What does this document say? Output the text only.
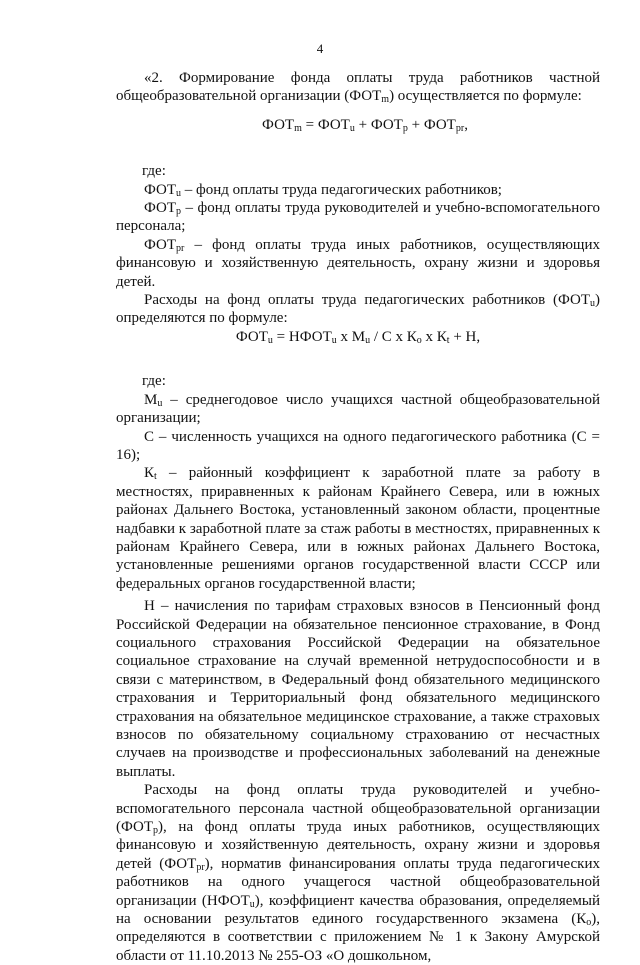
4

«2. Формирование фонда оплаты труда работников частной общеобразовательной организации $(ФОТ_m)$ осуществляется по формуле:

$ФОТ_m = ФОТ_u + ФОТ_p + ФОТ_{pr}$,

где:

$ФОТ_u$ – фонд оплаты труда педагогических работников;

$ФОТ_p$ – фонд оплаты труда руководителей и учебно-вспомогательного персонала;

$ФОТ_{pr}$ – фонд оплаты труда иных работников, осуществляющих финансовую и хозяйственную деятельность, охрану жизни и здоровья детей.

Расходы на фонд оплаты труда педагогических работников $(ФОТ_u)$ определяются по формуле:

$ФОТ_u$ = $НФОТ_u$ х $М_u$ / С х $К_o$ х $К_t + Н$,

где:

$М_u$ – среднегодовое число учащихся частной общеобразовательной организации;

С – численность учащихся на одного педагогического работника (С = 16);

$К_t$ – районный коэффициент к заработной плате за работу в местностях, приравненных к районам Крайнего Севера, или в южных районах Дальнего Востока, установленный законом области, процентные надбавки к заработной плате за стаж работы в местностях, приравненных к районам Крайнего Севера, или в южных районах Дальнего Востока, установленные решениями органов государственной власти СССР или федеральных органов государственной власти;

Н – начисления по тарифам страховых взносов в Пенсионный фонд Российской Федерации на обязательное пенсионное страхование, в Фонд социального страхования Российской Федерации на обязательное социальное страхование на случай временной нетрудоспособности и в связи с материнством, в Федеральный фонд обязательного медицинского страхования и Территориальный фонд обязательного медицинского страхования на обязательное медицинское страхование, а также страховых взносов по обязательному социальному страхованию от несчастных случаев на производстве и профессиональных заболеваний на денежные выплаты.

Расходы на фонд оплаты труда руководителей и учебно-вспомогательного персонала частной общеобразовательной организации $(ФОТ_p)$, на фонд оплаты труда иных работников, осуществляющих финансовую и хозяйственную деятельность, охрану жизни и здоровья детей $(ФОТ_{pr})$, норматив финансирования оплаты труда педагогических работников на одного учащегося частной общеобразовательной организации $(НФОТ_u)$, коэффициент качества образования, определяемый на основании результатов единого государственного экзамена $(К_o)$, определяются в соответствии с приложением № 1 к Закону Амурской области от 11.10.2013 № 255-ОЗ «О дошкольном,
